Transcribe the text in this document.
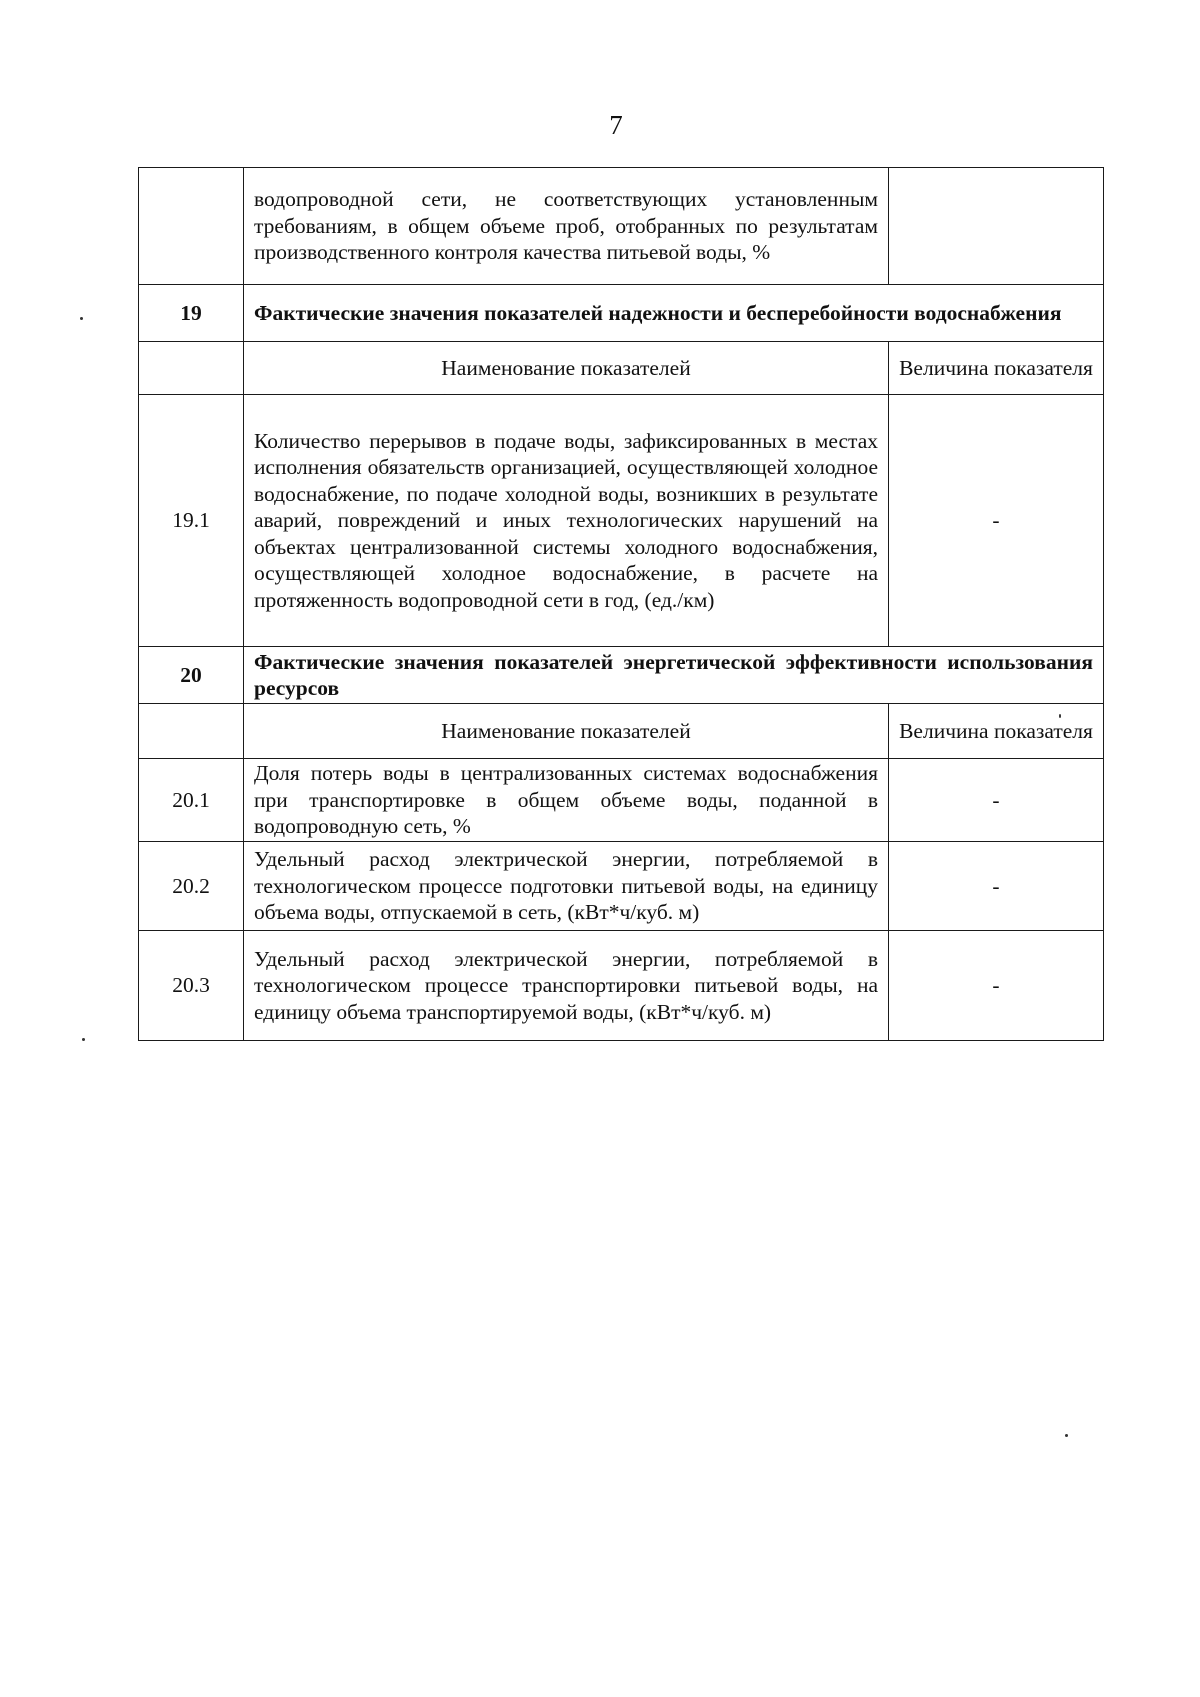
7
	водопроводной сети, не соответствующих установленным требованиям, в общем объеме проб, отобранных по результатам производственного контроля качества питьевой воды, %	
19	Фактические значения показателей надежности и бесперебойности водоснабжения	
	Наименование показателей	Величина показателя
19.1	Количество перерывов в подаче воды, зафиксированных в местах исполнения обязательств организацией, осуществляющей холодное водоснабжение, по подаче холодной воды, возникших в результате аварий, повреждений и иных технологических нарушений на объектах централизованной системы холодного водоснабжения, осуществляющей холодное водоснабжение, в расчете на протяженность водопроводной сети в год, (ед./км)	-
20	Фактические значения показателей энергетической эффективности использования ресурсов	
	Наименование показателей	Величина показателя
20.1	Доля потерь воды в централизованных системах водоснабжения при транспортировке в общем объеме воды, поданной в водопроводную сеть, %	-
20.2	Удельный расход электрической энергии, потребляемой в технологическом процессе подготовки питьевой воды, на единицу объема воды, отпускаемой в сеть, (кВт*ч/куб. м)	-
20.3	Удельный расход электрической энергии, потребляемой в технологическом процессе транспортировки питьевой воды, на единицу объема транспортируемой воды, (кВт*ч/куб. м)	-
